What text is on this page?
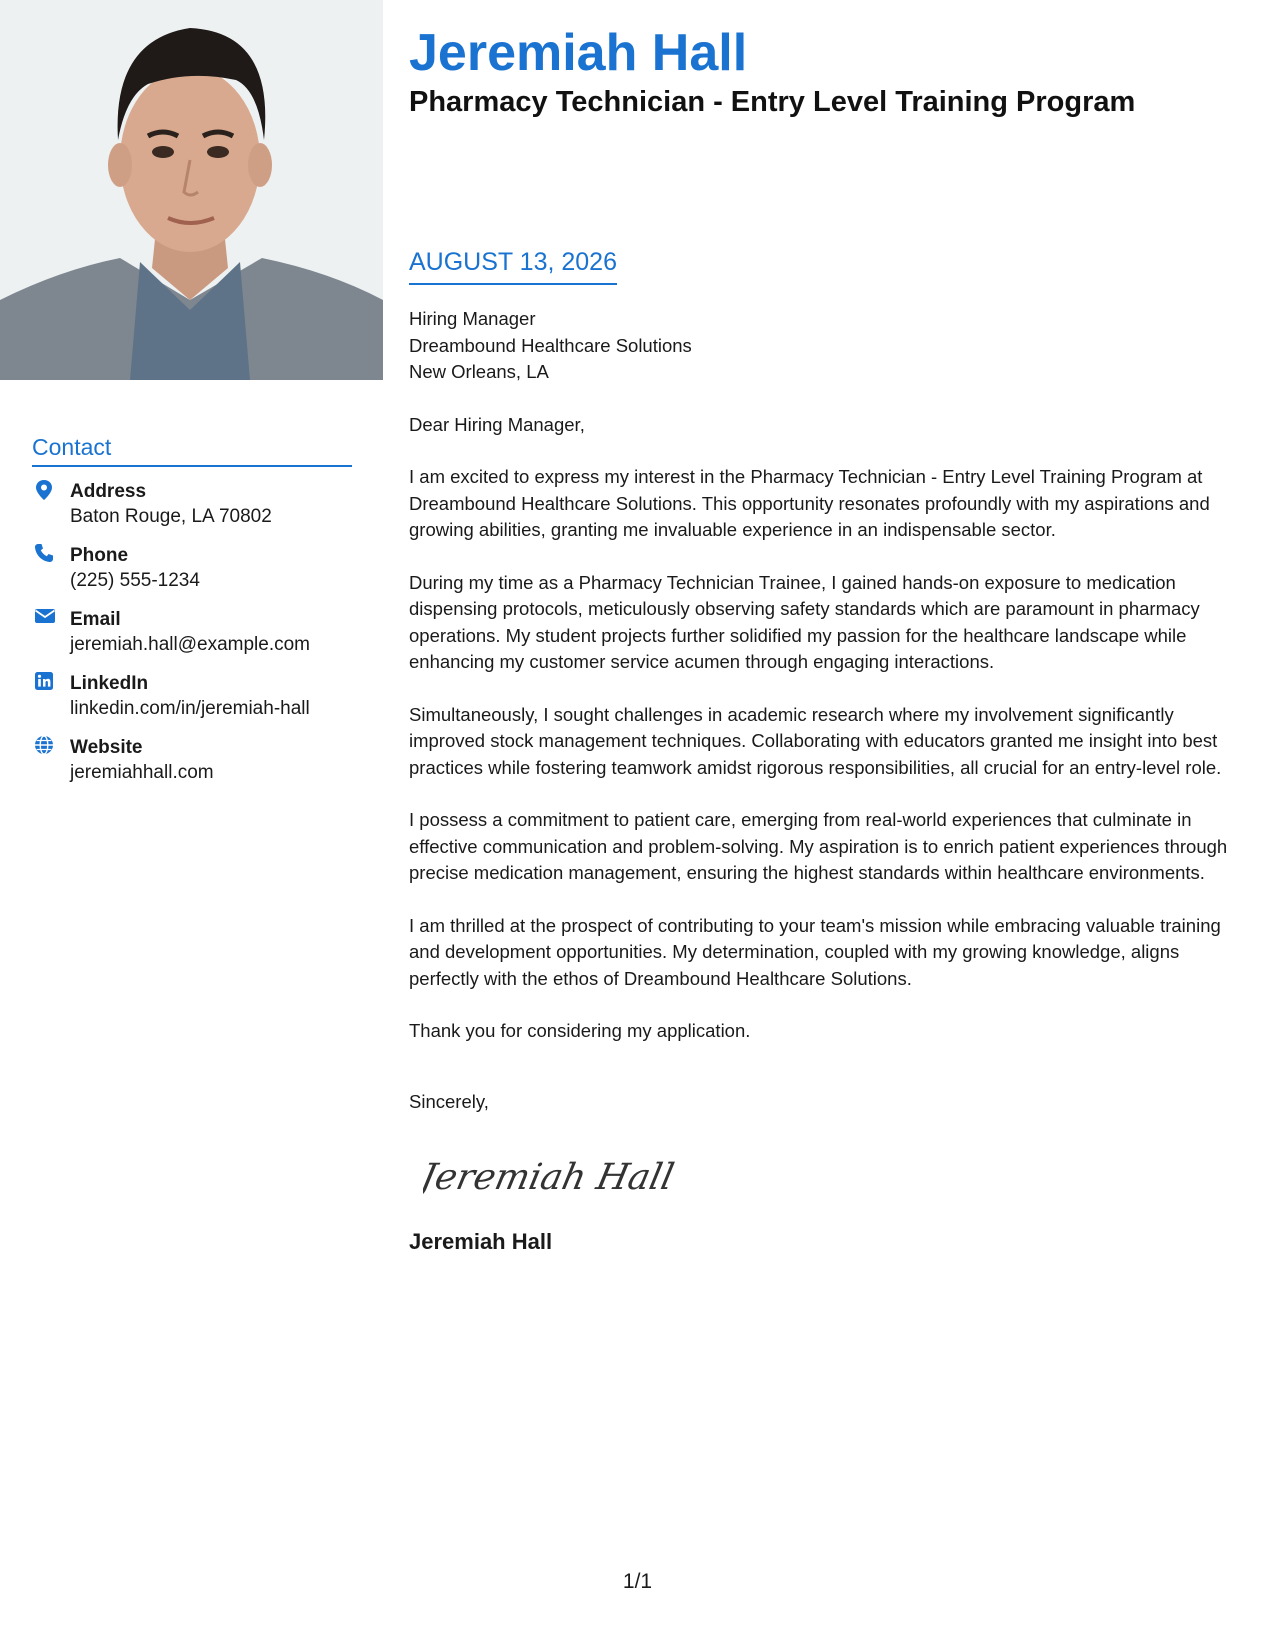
Jeremiah Hall
Pharmacy Technician - Entry Level Training Program
Contact
Address
Baton Rouge, LA 70802
Phone
(225) 555-1234
Email
jeremiah.hall@example.com
LinkedIn
linkedin.com/in/jeremiah-hall
Website
jeremiahhall.com
AUGUST 13, 2026
Hiring Manager
Dreambound Healthcare Solutions
New Orleans, LA

Dear Hiring Manager,

I am excited to express my interest in the Pharmacy Technician - Entry Level Training Program at Dreambound Healthcare Solutions. This opportunity resonates profoundly with my aspirations and growing abilities, granting me invaluable experience in an indispensable sector.

During my time as a Pharmacy Technician Trainee, I gained hands-on exposure to medication dispensing protocols, meticulously observing safety standards which are paramount in pharmacy operations. My student projects further solidified my passion for the healthcare landscape while enhancing my customer service acumen through engaging interactions.

Simultaneously, I sought challenges in academic research where my involvement significantly improved stock management techniques. Collaborating with educators granted me insight into best practices while fostering teamwork amidst rigorous responsibilities, all crucial for an entry-level role.

I possess a commitment to patient care, emerging from real-world experiences that culminate in effective communication and problem-solving. My aspiration is to enrich patient experiences through precise medication management, ensuring the highest standards within healthcare environments.

I am thrilled at the prospect of contributing to your team's mission while embracing valuable training and development opportunities. My determination, coupled with my growing knowledge, aligns perfectly with the ethos of Dreambound Healthcare Solutions.

Thank you for considering my application.

Sincerely,

Jeremiah Hall
Jeremiah Hall
1/1
